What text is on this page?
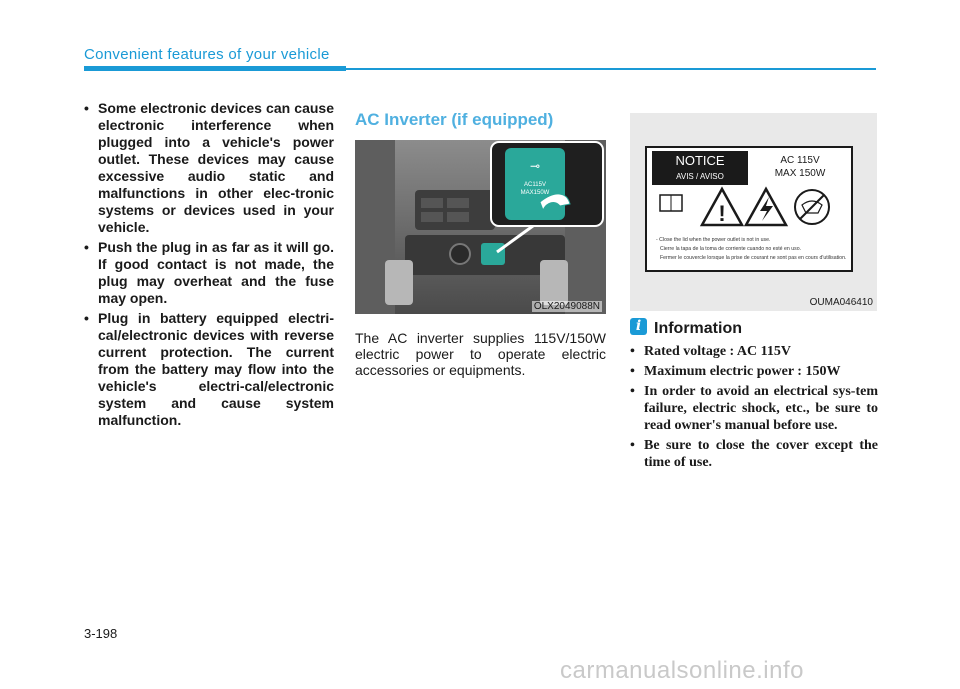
Convenient features of your vehicle
• Some electronic devices can cause electronic interference when plugged into a vehicle's power outlet. These devices may cause excessive audio static and malfunctions in other elec-tronic systems or devices used in your vehicle.
• Push the plug in as far as it will go. If good contact is not made, the plug may overheat and the fuse may open.
• Plug in battery equipped electri-cal/electronic devices with reverse current protection. The current from the battery may flow into the vehicle's electri-cal/electronic system and cause system malfunction.
AC Inverter (if equipped)
⊸
AC115V
MAX150W
OLX2049088N
The AC inverter supplies 115V/150W electric power to operate electric accessories or equipments.
NOTICE
AVIS / AVISO
AC 115V
MAX 150W
!
- Close the lid when the power outlet is not in use.
Cierre la tapa de la toma de corriente cuando no esté en uso.
Fermer le couvercle lorsque la prise de courant ne sont pas en cours d'utilisation.
OUMA046410
i Information
• Rated voltage : AC 115V
• Maximum electric power : 150W
• In order to avoid an electrical sys-tem failure, electric shock, etc., be sure to read owner's manual before use.
• Be sure to close the cover except the time of use.
3-198
carmanualsonline.info
